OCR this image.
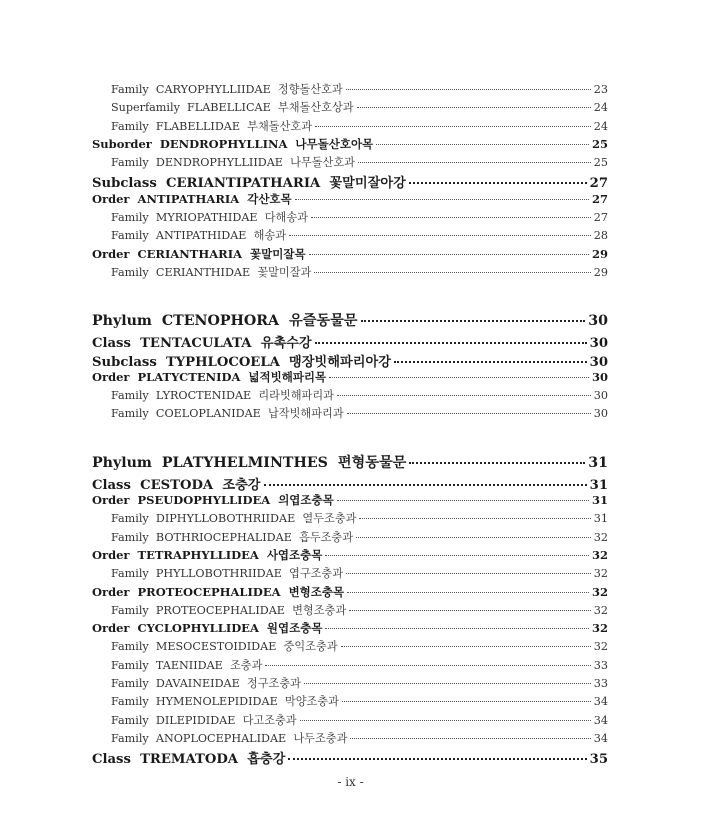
Family CARYOPHYLLIIDAE 정향돌산호과	23
Superfamily FLABELLICAE 부채돌산호상과	24
Family FLABELLIDAE 부채돌산호과	24
Suborder DENDROPHYLLINA 나무돌산호아목	25
Family DENDROPHYLLIIDAE 나무돌산호과	25
Subclass CERIANTIPATHARIA 꽃말미잘아강	27
Order ANTIPATHARIA 각산호목	27
Family MYRIOPATHIDAE 다해송과	27
Family ANTIPATHIDAE 해송과	28
Order CERIANTHARIA 꽃말미잘목	29
Family CERIANTHIDAE 꽃말미잘과	29
Phylum CTENOPHORA 유즐동물문	30
Class TENTACULATA 유촉수강	30
Subclass TYPHLOCOELA 맹장빗해파리아강	30
Order PLATYCTENIDA 넓적빗해파리목	30
Family LYROCTENIDAE 리라빗해파리과	30
Family COELOPLANIDAE 납작빗해파리과	30
Phylum PLATYHELMINTHES 편형동물문	31
Class CESTODA 조충강	31
Order PSEUDOPHYLLIDEA 의엽조충목	31
Family DIPHYLLOBOTHRIIDAE 열두조충과	31
Family BOTHRIOCEPHALIDAE 흡두조충과	32
Order TETRAPHYLLIDEA 사엽조충목	32
Family PHYLLOBOTHRIIDAE 엽구조충과	32
Order PROTEOCEPHALIDEA 변형조충목	32
Family PROTEOCEPHALIDAE 변형조충과	32
Order CYCLOPHYLLIDEA 원엽조충목	32
Family MESOCESTOIDIDAE 중익조충과	32
Family TAENIIDAE 조충과	33
Family DAVAINEIDAE 정구조충과	33
Family HYMENOLEPIDIDAE 막양조충과	34
Family DILEPIDIDAE 다고조충과	34
Family ANOPLOCEPHALIDAE 나두조충과	34
Class TREMATODA 흡충강	35
- ix -
